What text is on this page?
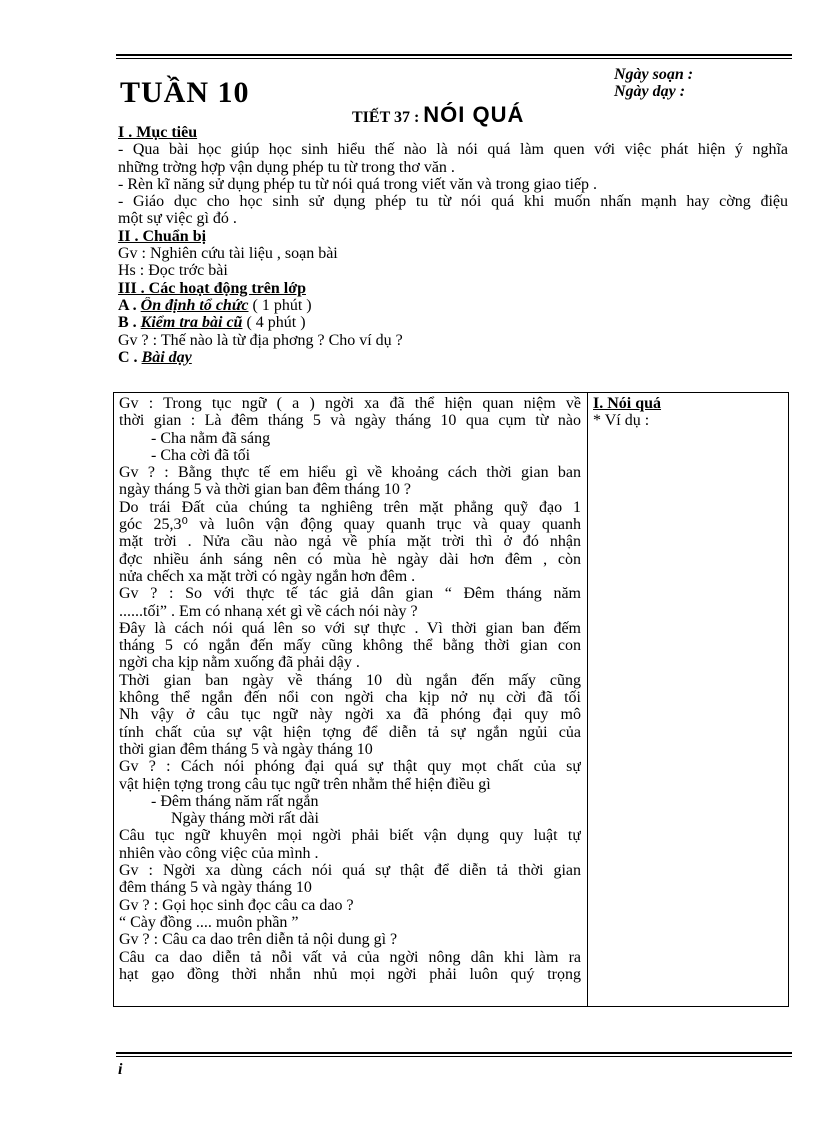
TUẦN 10
Ngày soạn :
Ngày dạy :
TIẾT 37 : NÓI QUÁ
I . Mục tiêu
- Qua bài học giúp học sinh hiểu thế nào là nói quá làm quen với việc phát hiện ý nghĩa
những trờng hợp vận dụng phép tu từ trong thơ văn .
- Rèn kĩ năng sử dụng phép tu từ nói quá trong viết văn và trong giao tiếp .
- Giáo dục cho học sinh sử dụng phép tu từ nói quá khi muốn nhấn mạnh hay cờng điệu
một sự việc gì đó .
II . Chuẩn bị
Gv : Nghiên cứu tài liệu , soạn bài
Hs : Đọc trớc bài
III . Các hoạt động trên lớp
A . Ổn định tổ chức ( 1 phút )
B . Kiểm tra bài cũ ( 4 phút )
Gv ? : Thế nào là từ địa phơng ? Cho ví dụ ?
C . Bài dạy
Gv : Trong tục ngữ ( a ) ngời xa đã thể hiện quan niệm về
thời gian : Là đêm tháng 5 và ngày tháng 10 qua cụm từ nào
- Cha nằm đã sáng
- Cha cời đã tối
Gv ? : Bằng thực tế em hiểu gì về khoảng cách thời gian ban
ngày tháng 5 và thời gian ban đêm tháng 10 ?
Do trái Đất của chúng ta nghiêng trên mặt phẳng quỹ đạo 1
góc 25,3⁰ và luôn vận động quay quanh trục và quay quanh
mặt trời . Nửa cầu nào ngả về phía mặt trời thì ở đó nhận
đợc nhiều ánh sáng nên có mùa hè ngày dài hơn đêm , còn
nửa chếch xa mặt trời có ngày ngắn hơn đêm .
Gv ? : So với thực tế tác giả dân gian “ Đêm tháng năm
......tối” . Em có nhanạ xét gì về cách nói này ?
Đây là cách nói quá lên so với sự thực . Vì thời gian ban đếm
tháng 5 có ngắn đến mấy cũng không thể bằng thời gian con
ngời cha kịp nằm xuống đã phải dậy .
Thời gian ban ngày về tháng 10 dù ngắn đến mấy cũng
không thể ngắn đến nổi con ngời cha kịp nở nụ cời đã tối
Nh vậy ở câu tục ngữ này ngời xa đã phóng đại quy mô
tính chất của sự vật hiện tợng để diễn tả sự ngắn ngủi của
thời gian đêm tháng 5 và ngày tháng 10
Gv ? : Cách nói phóng đại quá sự thật quy mọt chất của sự
vật hiện tợng trong câu tục ngữ trên nhằm thể hiện điều gì
- Đêm tháng năm rất ngắn
Ngày tháng mời rất dài
Câu tục ngữ khuyên mọi ngời phải biết vận dụng quy luật tự
nhiên vào công việc của mình .
Gv : Ngời xa dùng cách nói quá sự thật để diễn tả thời gian
đêm tháng 5 và ngày tháng 10
Gv ? : Gọi học sinh đọc câu ca dao ?
“ Cày đồng .... muôn phần ”
Gv ? : Câu ca dao trên diễn tả nội dung gì ?
Câu ca dao diễn tả nỗi vất vả của ngời nông dân khi làm ra
hạt gạo đồng thời nhắn nhủ mọi ngời phải luôn quý trọng
I. Nói quá
* Ví dụ :
i
